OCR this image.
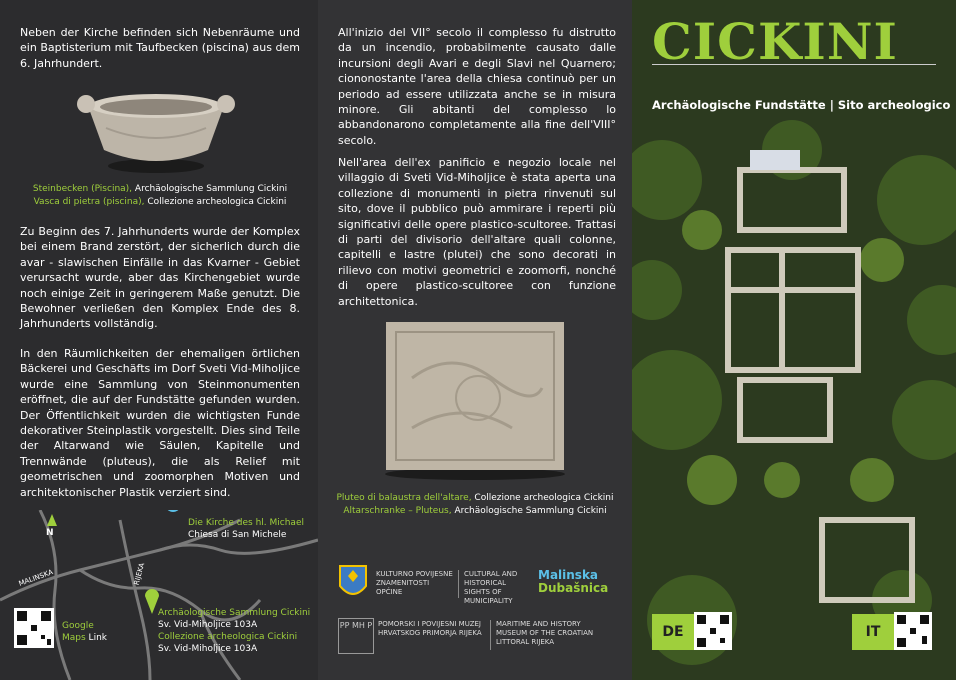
Neben der Kirche befinden sich Nebenräume und ein Baptisterium mit Taufbecken (piscina) aus dem 6. Jahrhundert.
Steinbecken (Piscina), Archäologische Sammlung Cickini
Vasca di pietra (piscina), Collezione archeologica Cickini
Zu Beginn des 7. Jahrhunderts wurde der Komplex bei einem Brand zerstört, der sicherlich durch die avar - slawischen Einfälle in das Kvarner - Gebiet verursacht wurde, aber das Kirchengebiet wurde noch einige Zeit in geringerem Maße genutzt. Die Bewohner verließen den Komplex Ende des 8. Jahrhunderts vollständig.
In den Räumlichkeiten der ehemaligen örtlichen Bäckerei und Geschäfts im Dorf Sveti Vid-Miholjice wurde eine Sammlung von Steinmonumenten eröffnet, die auf der Fundstätte gefunden wurden. Der Öffentlichkeit wurden die wichtigsten Funde dekorativer Steinplastik vorgestellt. Dies sind Teile der Altarwand wie Säulen, Kapitelle und Trennwände (pluteus), die als Relief mit geometrischen und zoomorphen Motiven und architektonischer Plastik verziert sind.
N
MALINSKA	RIJEKA
Die Kirche des hl. Michael
Chiesa di San Michele
Archäologische Sammlung Cickini
Sv. Vid-Miholjice 103A
Collezione archeologica Cickini
Sv. Vid-Miholjice 103A
Google Maps Link
All'inizio del VII° secolo il complesso fu distrutto da un incendio, probabilmente causato dalle incursioni degli Avari e degli Slavi nel Quarnero; ciononostante l'area della chiesa continuò per un periodo ad essere utilizzata anche se in misura minore. Gli abitanti del complesso lo abbandonarono completamente alla fine dell'VIII° secolo.
Nell'area dell'ex panificio e negozio locale nel villaggio di Sveti Vid-Miholjice è stata aperta una collezione di monumenti in pietra rinvenuti sul sito, dove il pubblico può ammirare i reperti più significativi delle opere plastico-scultoree. Trattasi di parti del divisorio dell'altare quali colonne, capitelli e lastre (plutei) che sono decorati in rilievo con motivi geometrici e zoomorfi, nonché di opere plastico-scultoree con funzione architettonica.
Pluteo di balaustra dell'altare, Collezione archeologica Cickini
Altarschranke – Pluteus, Archäologische Sammlung Cickini
KULTURNO POVIJESNE ZNAMENITOSTI OPĆINE
CULTURAL AND HISTORICAL SIGHTS OF MUNICIPALITY
Malinska
Dubašnica
PP MH P POMORSKI I POVIJESNI MUZEJ HRVATSKOG PRIMORJA RIJEKA
MARITIME AND HISTORY MUSEUM OF THE CROATIAN LITTORAL RIJEKA
CICKINI
Archäologische Fundstätte | Sito archeologico
DE	IT
